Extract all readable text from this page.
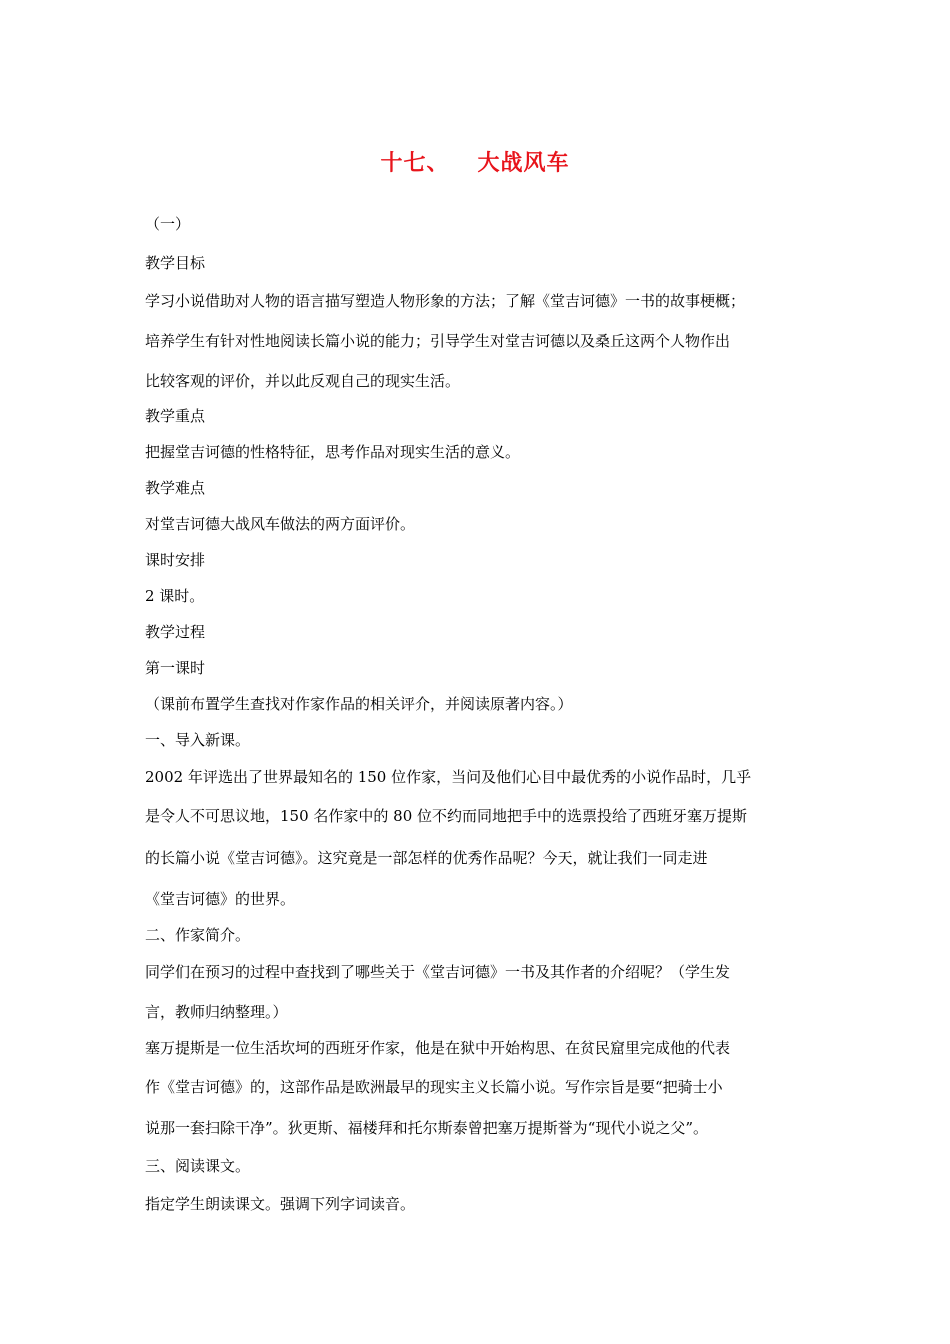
十七、 大战风车
（一）
教学目标
学习小说借助对人物的语言描写塑造人物形象的方法；了解《堂吉诃德》一书的故事梗概；
培养学生有针对性地阅读长篇小说的能力；引导学生对堂吉诃德以及桑丘这两个人物作出
比较客观的评价，并以此反观自己的现实生活。
教学重点
把握堂吉诃德的性格特征，思考作品对现实生活的意义。
教学难点
对堂吉诃德大战风车做法的两方面评价。
课时安排
2 课时。
教学过程
第一课时
（课前布置学生查找对作家作品的相关评介，并阅读原著内容。）
一、导入新课。
2002 年评选出了世界最知名的 150 位作家，当问及他们心目中最优秀的小说作品时，几乎
是令人不可思议地，150 名作家中的 80 位不约而同地把手中的选票投给了西班牙塞万提斯
的长篇小说《堂吉诃德》。这究竟是一部怎样的优秀作品呢？今天，就让我们一同走进
《堂吉诃德》的世界。
二、作家简介。
同学们在预习的过程中查找到了哪些关于《堂吉诃德》一书及其作者的介绍呢？（学生发
言，教师归纳整理。）
塞万提斯是一位生活坎坷的西班牙作家，他是在狱中开始构思、在贫民窟里完成他的代表
作《堂吉诃德》的，这部作品是欧洲最早的现实主义长篇小说。写作宗旨是要“把骑士小
说那一套扫除干净”。狄更斯、福楼拜和托尔斯泰曾把塞万提斯誉为“现代小说之父”。
三、阅读课文。
指定学生朗读课文。强调下列字词读音。
